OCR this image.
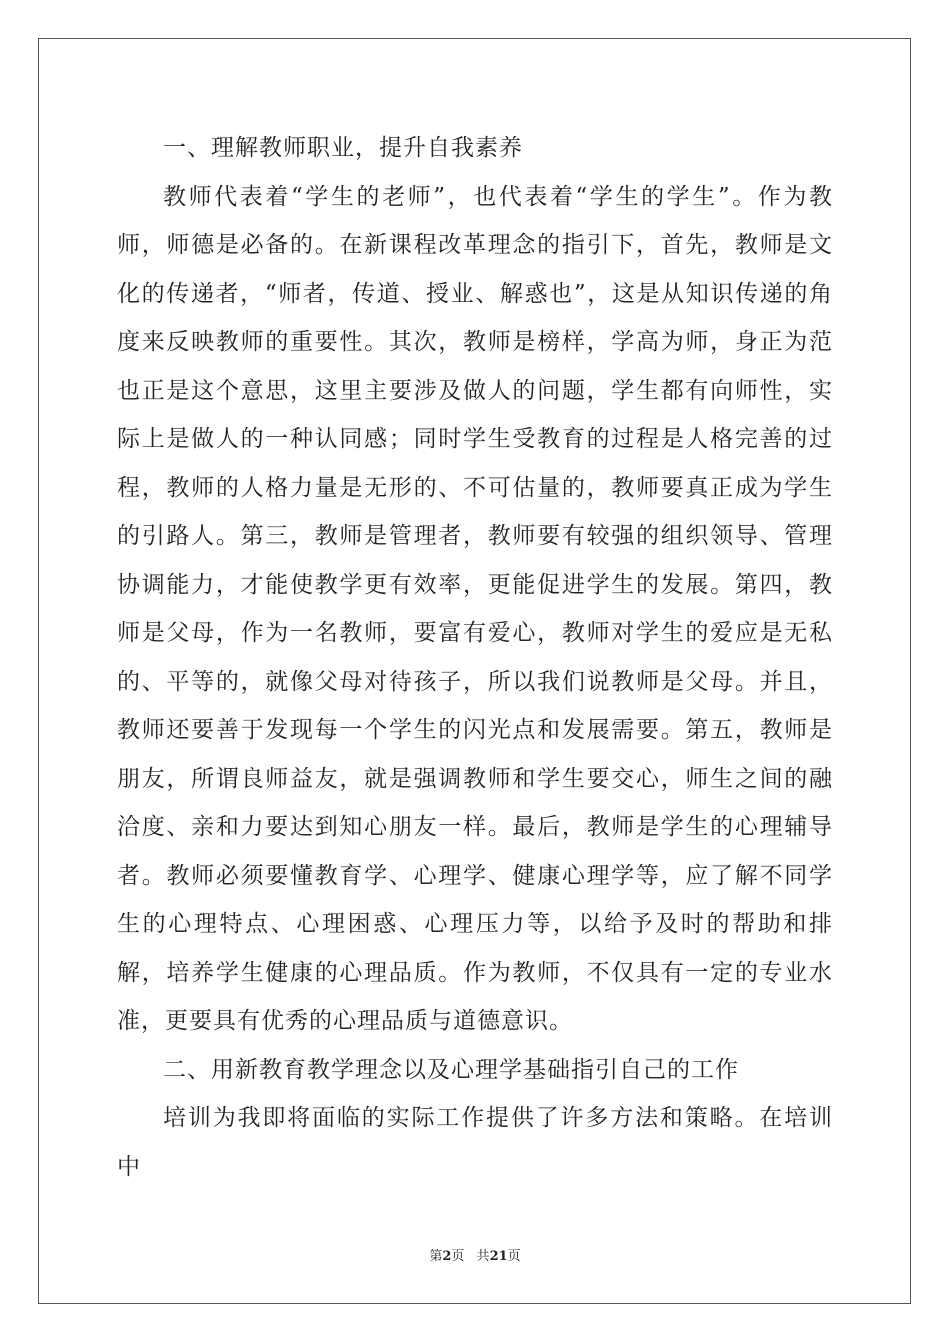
一、理解教师职业，提升自我素养

教师代表着“学生的老师”，也代表着“学生的学生”。作为教师，师德是必备的。在新课程改革理念的指引下，首先，教师是文化的传递者，“师者，传道、授业、解惑也”，这是从知识传递的角度来反映教师的重要性。其次，教师是榜样，学高为师，身正为范也正是这个意思，这里主要涉及做人的问题，学生都有向师性，实际上是做人的一种认同感；同时学生受教育的过程是人格完善的过程，教师的人格力量是无形的、不可估量的，教师要真正成为学生的引路人。第三，教师是管理者，教师要有较强的组织领导、管理协调能力，才能使教学更有效率，更能促进学生的发展。第四，教师是父母，作为一名教师，要富有爱心，教师对学生的爱应是无私的、平等的，就像父母对待孩子，所以我们说教师是父母。并且，教师还要善于发现每一个学生的闪光点和发展需要。第五，教师是朋友，所谓良师益友，就是强调教师和学生要交心，师生之间的融洽度、亲和力要达到知心朋友一样。最后，教师是学生的心理辅导者。教师必须要懂教育学、心理学、健康心理学等，应了解不同学生的心理特点、心理困惑、心理压力等，以给予及时的帮助和排解，培养学生健康的心理品质。作为教师，不仅具有一定的专业水准，更要具有优秀的心理品质与道德意识。

二、用新教育教学理念以及心理学基础指引自己的工作

培训为我即将面临的实际工作提供了许多方法和策略。在培训中

第2页 共21页
